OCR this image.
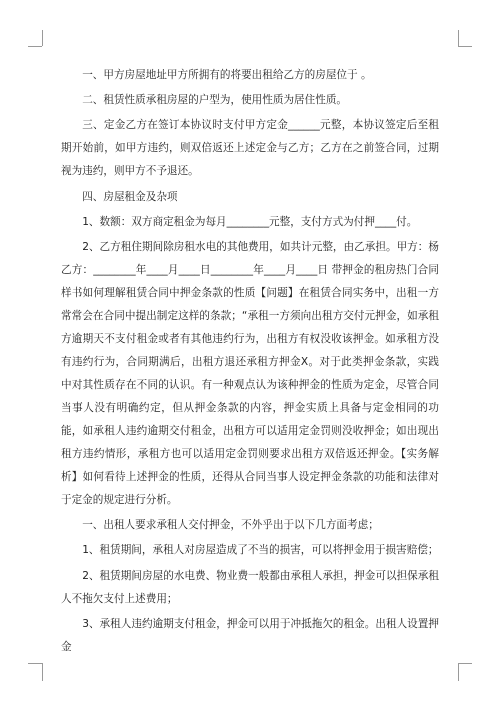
一、甲方房屋地址甲方所拥有的将要出租给乙方的房屋位于 。

二、租赁性质承租房屋的户型为，使用性质为居住性质。

三、定金乙方在签订本协议时支付甲方定金______元整，本协议签定后至租期开始前，如甲方违约，则双倍返还上述定金与乙方；乙方在之前签合同，过期视为违约，则甲方不予退还。

四、房屋租金及杂项

1、数额：双方商定租金为每月________元整，支付方式为付押____付。

2、乙方租住期间除房租水电的其他费用，如共计元整，由乙承担。甲方：杨乙方：________年____月____日________年____月____日 带押金的租房热门合同样书如何理解租赁合同中押金条款的性质【问题】在租赁合同实务中，出租一方常常会在合同中提出制定这样的条款；“承租一方须向出租方交付元押金，如承租方逾期天不支付租金或者有其他违约行为，出租方有权没收该押金。如承租方没有违约行为，合同期满后，出租方退还承租方押金X。对于此类押金条款，实践中对其性质存在不同的认识。有一种观点认为该种押金的性质为定金，尽管合同当事人没有明确约定，但从押金条款的内容，押金实质上具备与定金相同的功能，如承租人违约逾期交付租金，出租方可以适用定金罚则没收押金；如出现出租方违约情形，承租方也可以适用定金罚则要求出租方双倍返还押金。【实务解析】如何看待上述押金的性质，还得从合同当事人设定押金条款的功能和法律对于定金的规定进行分析。

一、出租人要求承租人交付押金，不外乎出于以下几方面考虑；

1、租赁期间，承租人对房屋造成了不当的损害，可以将押金用于损害赔偿；

2、租赁期间房屋的水电费、物业费一般都由承租人承担，押金可以担保承租人不拖欠支付上述费用；

3、承租人违约逾期支付租金，押金可以用于冲抵拖欠的租金。出租人设置押金
